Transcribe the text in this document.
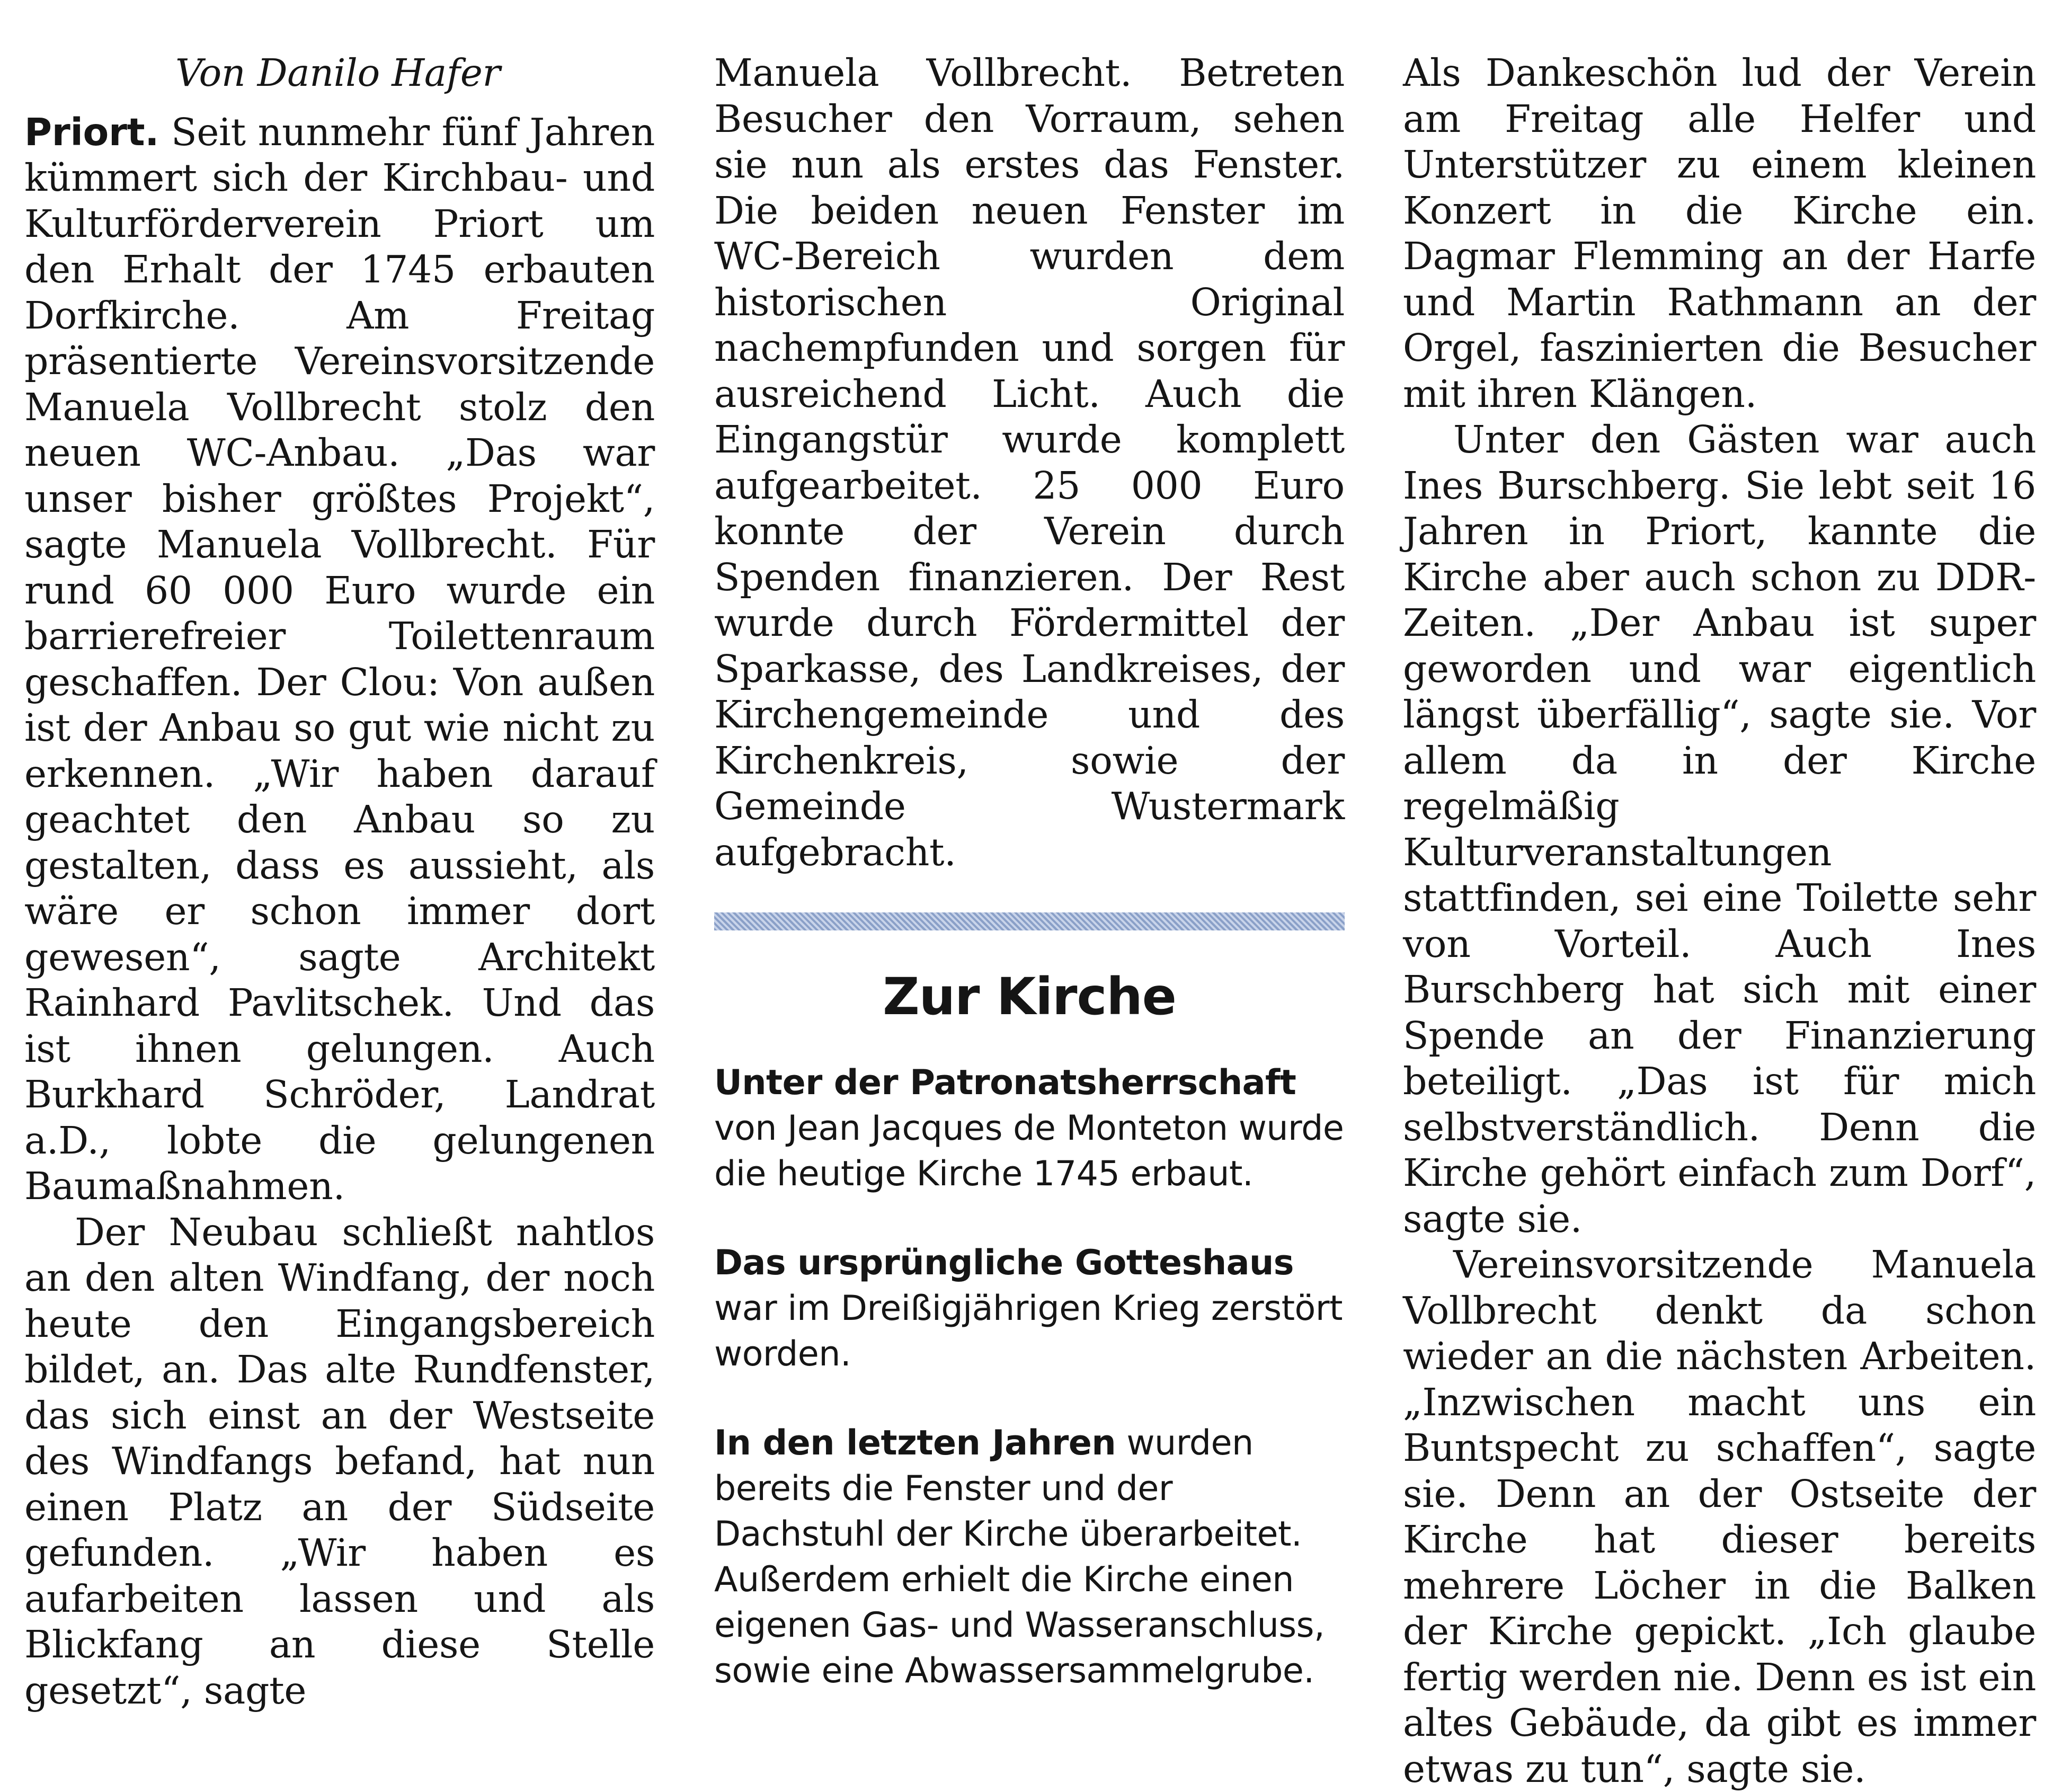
Von Danilo Hafer

Priort. Seit nunmehr fünf Jahren kümmert sich der Kirchbau- und Kulturförderverein Priort um den Erhalt der 1745 erbauten Dorfkirche. Am Freitag präsentierte Vereinsvorsitzende Manuela Vollbrecht stolz den neuen WC-Anbau. „Das war unser bisher größtes Projekt“, sagte Manuela Vollbrecht. Für rund 60 000 Euro wurde ein barrierefreier Toilettenraum geschaffen. Der Clou: Von außen ist der Anbau so gut wie nicht zu erkennen. „Wir haben darauf geachtet den Anbau so zu gestalten, dass es aussieht, als wäre er schon immer dort gewesen“, sagte Architekt Rainhard Pavlitschek. Und das ist ihnen gelungen. Auch Burkhard Schröder, Landrat a.D., lobte die gelungenen Baumaßnahmen.

Der Neubau schließt nahtlos an den alten Windfang, der noch heute den Eingangsbereich bildet, an. Das alte Rundfenster, das sich einst an der Westseite des Windfangs befand, hat nun einen Platz an der Südseite gefunden. „Wir haben es aufarbeiten lassen und als Blickfang an diese Stelle gesetzt“, sagte

Manuela Vollbrecht. Betreten Besucher den Vorraum, sehen sie nun als erstes das Fenster. Die beiden neuen Fenster im WC-Bereich wurden dem historischen Original nachempfunden und sorgen für ausreichend Licht. Auch die Eingangstür wurde komplett aufgearbeitet. 25 000 Euro konnte der Verein durch Spenden finanzieren. Der Rest wurde durch Fördermittel der Sparkasse, des Landkreises, der Kirchengemeinde und des Kirchenkreis, sowie der Gemeinde Wustermark aufgebracht.

Zur Kirche

Unter der Patronatsherrschaft von Jean Jacques de Monteton wurde die heutige Kirche 1745 erbaut.

Das ursprüngliche Gotteshaus war im Dreißigjährigen Krieg zerstört worden.

In den letzten Jahren wurden bereits die Fenster und der Dachstuhl der Kirche überarbeitet. Außerdem erhielt die Kirche einen eigenen Gas- und Wasseranschluss, sowie eine Abwassersammelgrube.

Als Dankeschön lud der Verein am Freitag alle Helfer und Unterstützer zu einem kleinen Konzert in die Kirche ein. Dagmar Flemming an der Harfe und Martin Rathmann an der Orgel, faszinierten die Besucher mit ihren Klängen.

Unter den Gästen war auch Ines Burschberg. Sie lebt seit 16 Jahren in Priort, kannte die Kirche aber auch schon zu DDR-Zeiten. „Der Anbau ist super geworden und war eigentlich längst überfällig“, sagte sie. Vor allem da in der Kirche regelmäßig Kulturveranstaltungen stattfinden, sei eine Toilette sehr von Vorteil. Auch Ines Burschberg hat sich mit einer Spende an der Finanzierung beteiligt. „Das ist für mich selbstverständlich. Denn die Kirche gehört einfach zum Dorf“, sagte sie.

Vereinsvorsitzende Manuela Vollbrecht denkt da schon wieder an die nächsten Arbeiten. „Inzwischen macht uns ein Buntspecht zu schaffen“, sagte sie. Denn an der Ostseite der Kirche hat dieser bereits mehrere Löcher in die Balken der Kirche gepickt. „Ich glaube fertig werden nie. Denn es ist ein altes Gebäude, da gibt es immer etwas zu tun“, sagte sie.
